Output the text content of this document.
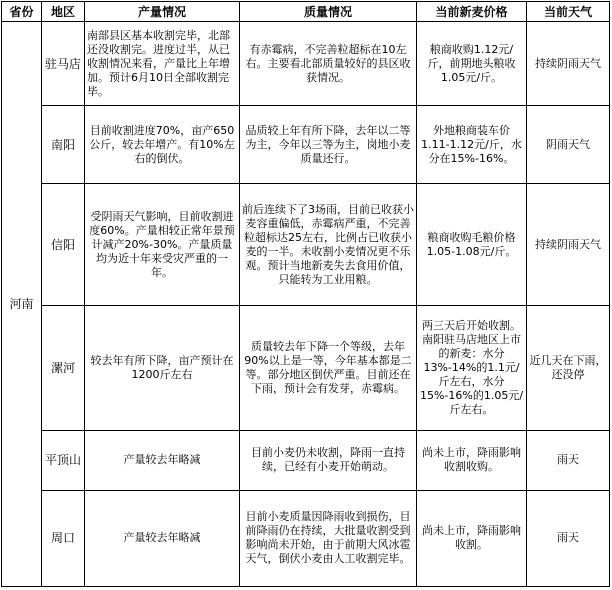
省份	地区	产量情况	质量情况	当前新麦价格	当前天气
河南	驻马店	南部县区基本收割完毕，北部还没收割完。进度过半，从已收割情况来看，产量比上年增加。预计6月10日全部收割完毕。	有赤霉病，不完善粒超标在10左右。主要看北部质量较好的县区收获情况。	粮商收购1.12元/斤，前期地头粮收1.05元/斤。	持续阴雨天气
	南阳	目前收割进度70%，亩产650公斤，较去年增产。有10%左右的倒伏。	品质较上年有所下降，去年以二等为主，今年以三等为主，岗地小麦质量还行。	外地粮商装车价1.11-1.12元/斤，水分在15%-16%。	阴雨天气
	信阳	受阴雨天气影响，目前收割进度60%。产量相较正常年景预计减产20%-30%。产量质量均为近十年来受灾严重的一年。	前后连续下了3场雨，目前已收获小麦容重偏低，赤霉病严重，不完善粒超标达25左右，比例占已收获小麦的一半。未收割小麦情况更不乐观。预计当地新麦失去食用价值，只能转为工业用粮。	粮商收购毛粮价格1.05-1.08元/斤。	持续阴雨天气
	漯河	较去年有所下降，亩产预计在1200斤左右	质量较去年下降一个等级，去年90%以上是一等，今年基本都是二等。部分地区倒伏严重。目前还在下雨，预计会有发芽，赤霉病。	两三天后开始收割。南阳驻马店地区上市的新麦：水分13%-14%的1.1元/斤左右，水分15%-16%的1.05元/斤左右。	近几天在下雨，还没停
	平顶山	产量较去年略减	目前小麦仍未收割，降雨一直持续，已经有小麦开始萌动。	尚未上市，降雨影响收割收购。	雨天
	周口	产量较去年略减	目前小麦质量因降雨收到损伤，目前降雨仍在持续，大批量收割受到影响尚未开始，由于前期大风冰雹天气，倒伏小麦由人工收割完毕。	尚未上市，降雨影响收割。	雨天
